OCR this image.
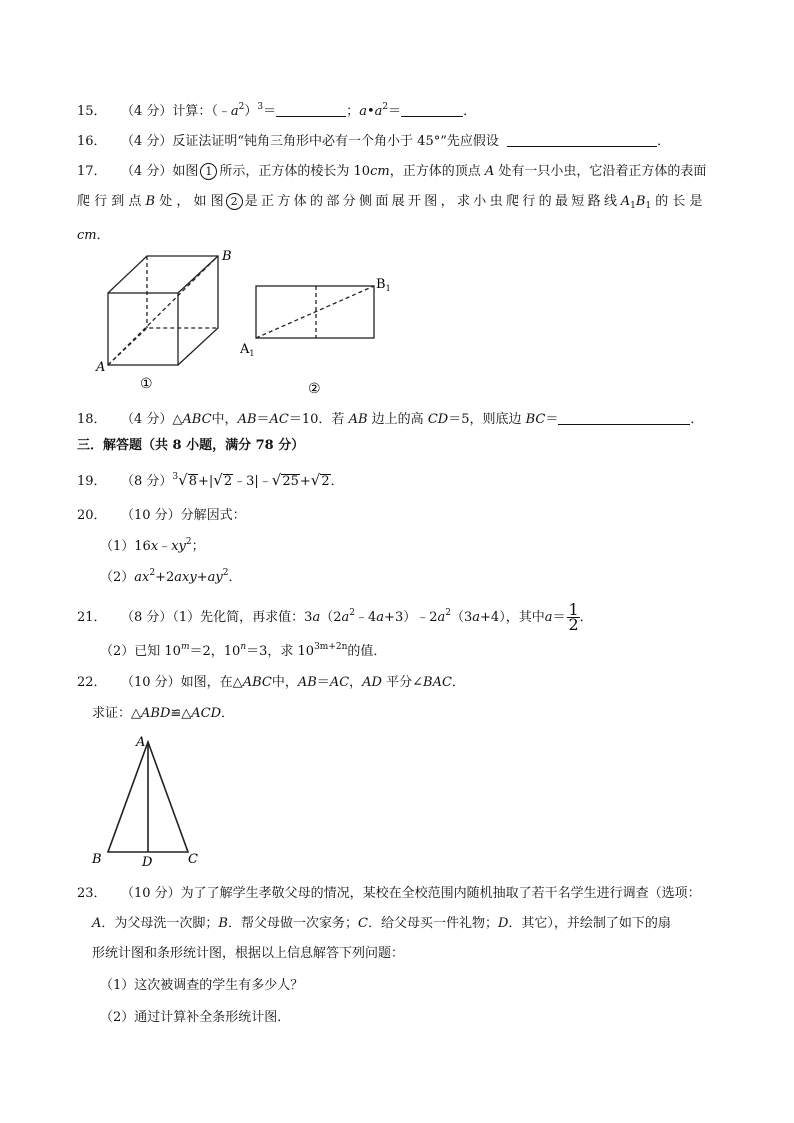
15． （4 分）计算：$(﹣a^2)^3=$	；$a•a^2=$	．
16． （4 分）反证法证明“钝角三角形中必有一个角小于 45°”先应假设	．
17． （4 分）如图 1 所示，正方体的棱长为 10cm，正方体的顶点 A 处有一只小虫，它沿着正方体的表面
爬 行 到 点 B 处 ， 如 图 2 是 正 方 体 的 部 分 侧 面 展 开 图 ， 求 小 虫 爬 行 的 最 短 路 线 $A_1B_1$ 的 长 是
cm．
A
B
①
$A_1$
$B_1$
②
18． （4 分）△ABC中，AB＝AC＝10．若 AB 边上的高 CD＝5，则底边 BC＝	．
三．解答题（共 8 小题，满分 78 分）
19． （8 分）$^3$√8+|√2﹣3|﹣√25+√2．
20． （10 分）分解因式：
$(1)16x﹣xy^2$；
$(2)ax^2+2axy+ay^2$．
21． （8 分）（1）先化简，再求值：$3a(2a^2﹣4a+3)﹣2a^2(3a+4)$，其中$a= \frac{1}{2}$ ．
（2）已知 $10^m=2$，$10^n=3$，求 $10^{3m+2n}$的值．
22． （10 分）如图，在△ABC中，AB＝AC，AD 平分∠BAC．
求证：△ABD≌△ACD．
A
B	D	C
23． （10 分）为了了解学生孝敬父母的情况，某校在全校范围内随机抽取了若干名学生进行调查（选项：
A．为父母洗一次脚；B．帮父母做一次家务；C．给父母买一件礼物；D．其它），并绘制了如下的扇
形统计图和条形统计图，根据以上信息解答下列问题：
（1）这次被调查的学生有多少人？
（2）通过计算补全条形统计图．
